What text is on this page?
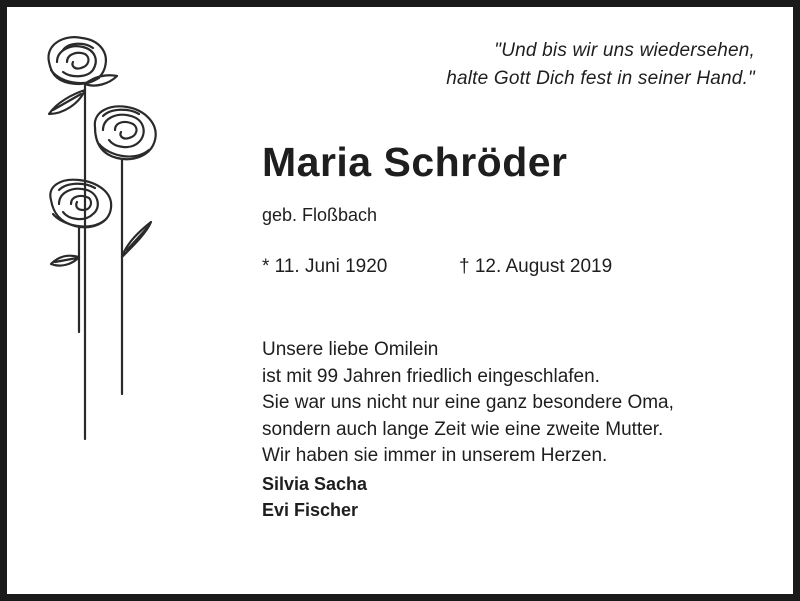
"Und bis wir uns wiedersehen,
halte Gott Dich fest in seiner Hand."
Maria Schröder
geb. Floßbach
* 11. Juni 1920	† 12. August 2019
Unsere liebe Omilein
ist mit 99 Jahren friedlich eingeschlafen.
Sie war uns nicht nur eine ganz besondere Oma,
sondern auch lange Zeit wie eine zweite Mutter.
Wir haben sie immer in unserem Herzen.
Silvia Sacha
Evi Fischer
